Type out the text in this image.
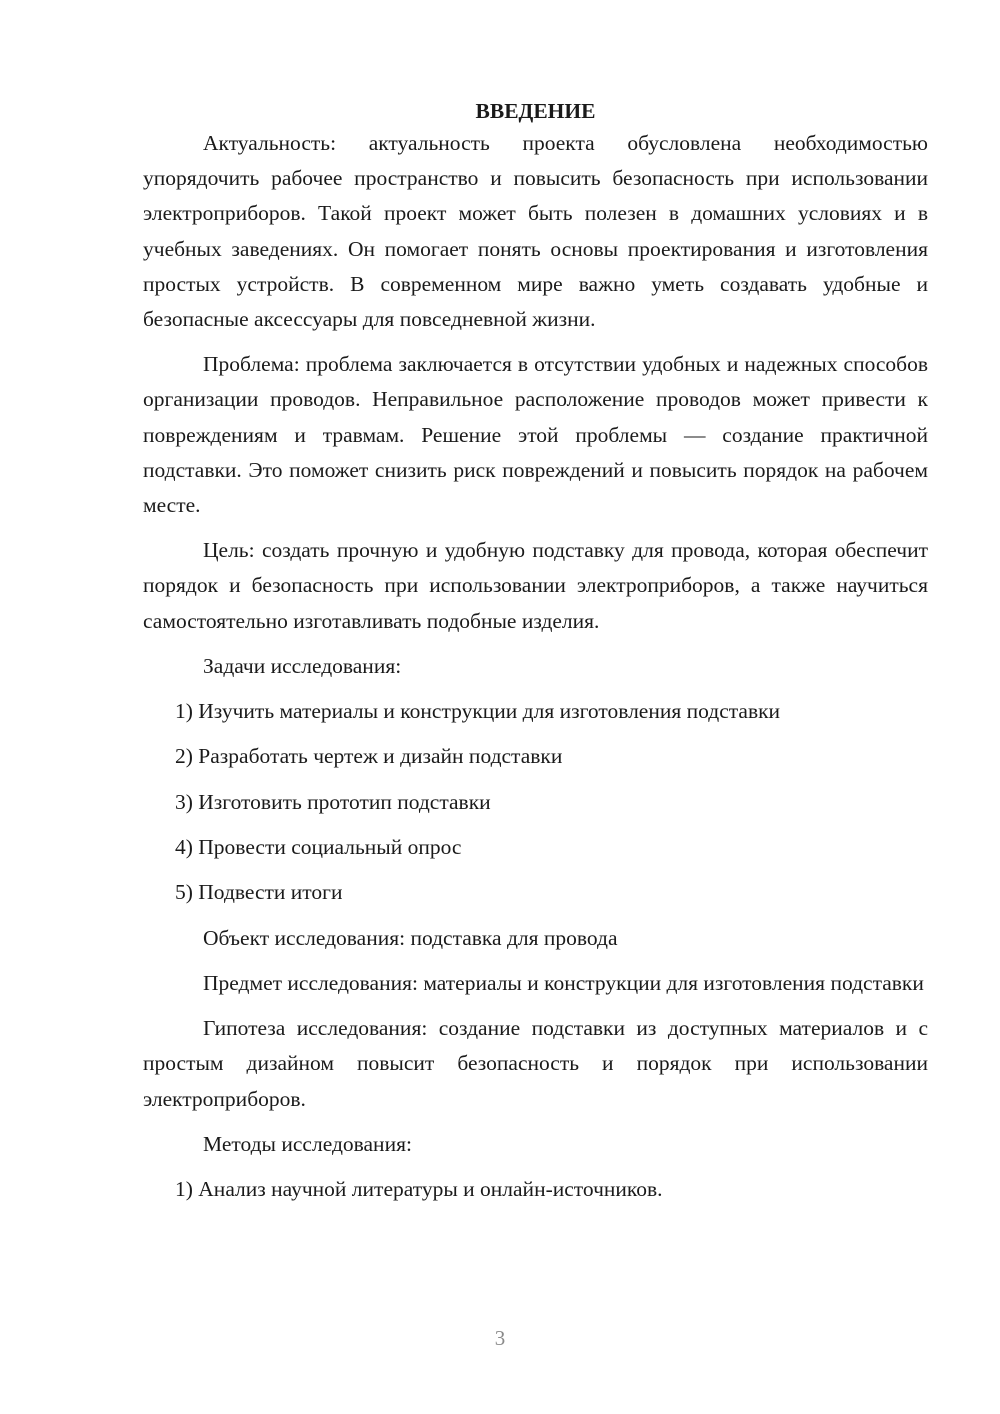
ВВЕДЕНИЕ

Актуальность: актуальность проекта обусловлена необходимостью упорядочить рабочее пространство и повысить безопасность при использовании электроприборов. Такой проект может быть полезен в домашних условиях и в учебных заведениях. Он помогает понять основы проектирования и изготовления простых устройств. В современном мире важно уметь создавать удобные и безопасные аксессуары для повседневной жизни.

Проблема: проблема заключается в отсутствии удобных и надежных способов организации проводов. Неправильное расположение проводов может привести к повреждениям и травмам. Решение этой проблемы — создание практичной подставки. Это поможет снизить риск повреждений и повысить порядок на рабочем месте.

Цель: создать прочную и удобную подставку для провода, которая обеспечит порядок и безопасность при использовании электроприборов, а также научиться самостоятельно изготавливать подобные изделия.

Задачи исследования:

1) Изучить материалы и конструкции для изготовления подставки

2) Разработать чертеж и дизайн подставки

3) Изготовить прототип подставки

4) Провести социальный опрос

5) Подвести итоги

Объект исследования: подставка для провода

Предмет исследования: материалы и конструкции для изготовления подставки

Гипотеза исследования: создание подставки из доступных материалов и с простым дизайном повысит безопасность и порядок при использовании электроприборов.

Методы исследования:

1) Анализ научной литературы и онлайн-источников.

3
